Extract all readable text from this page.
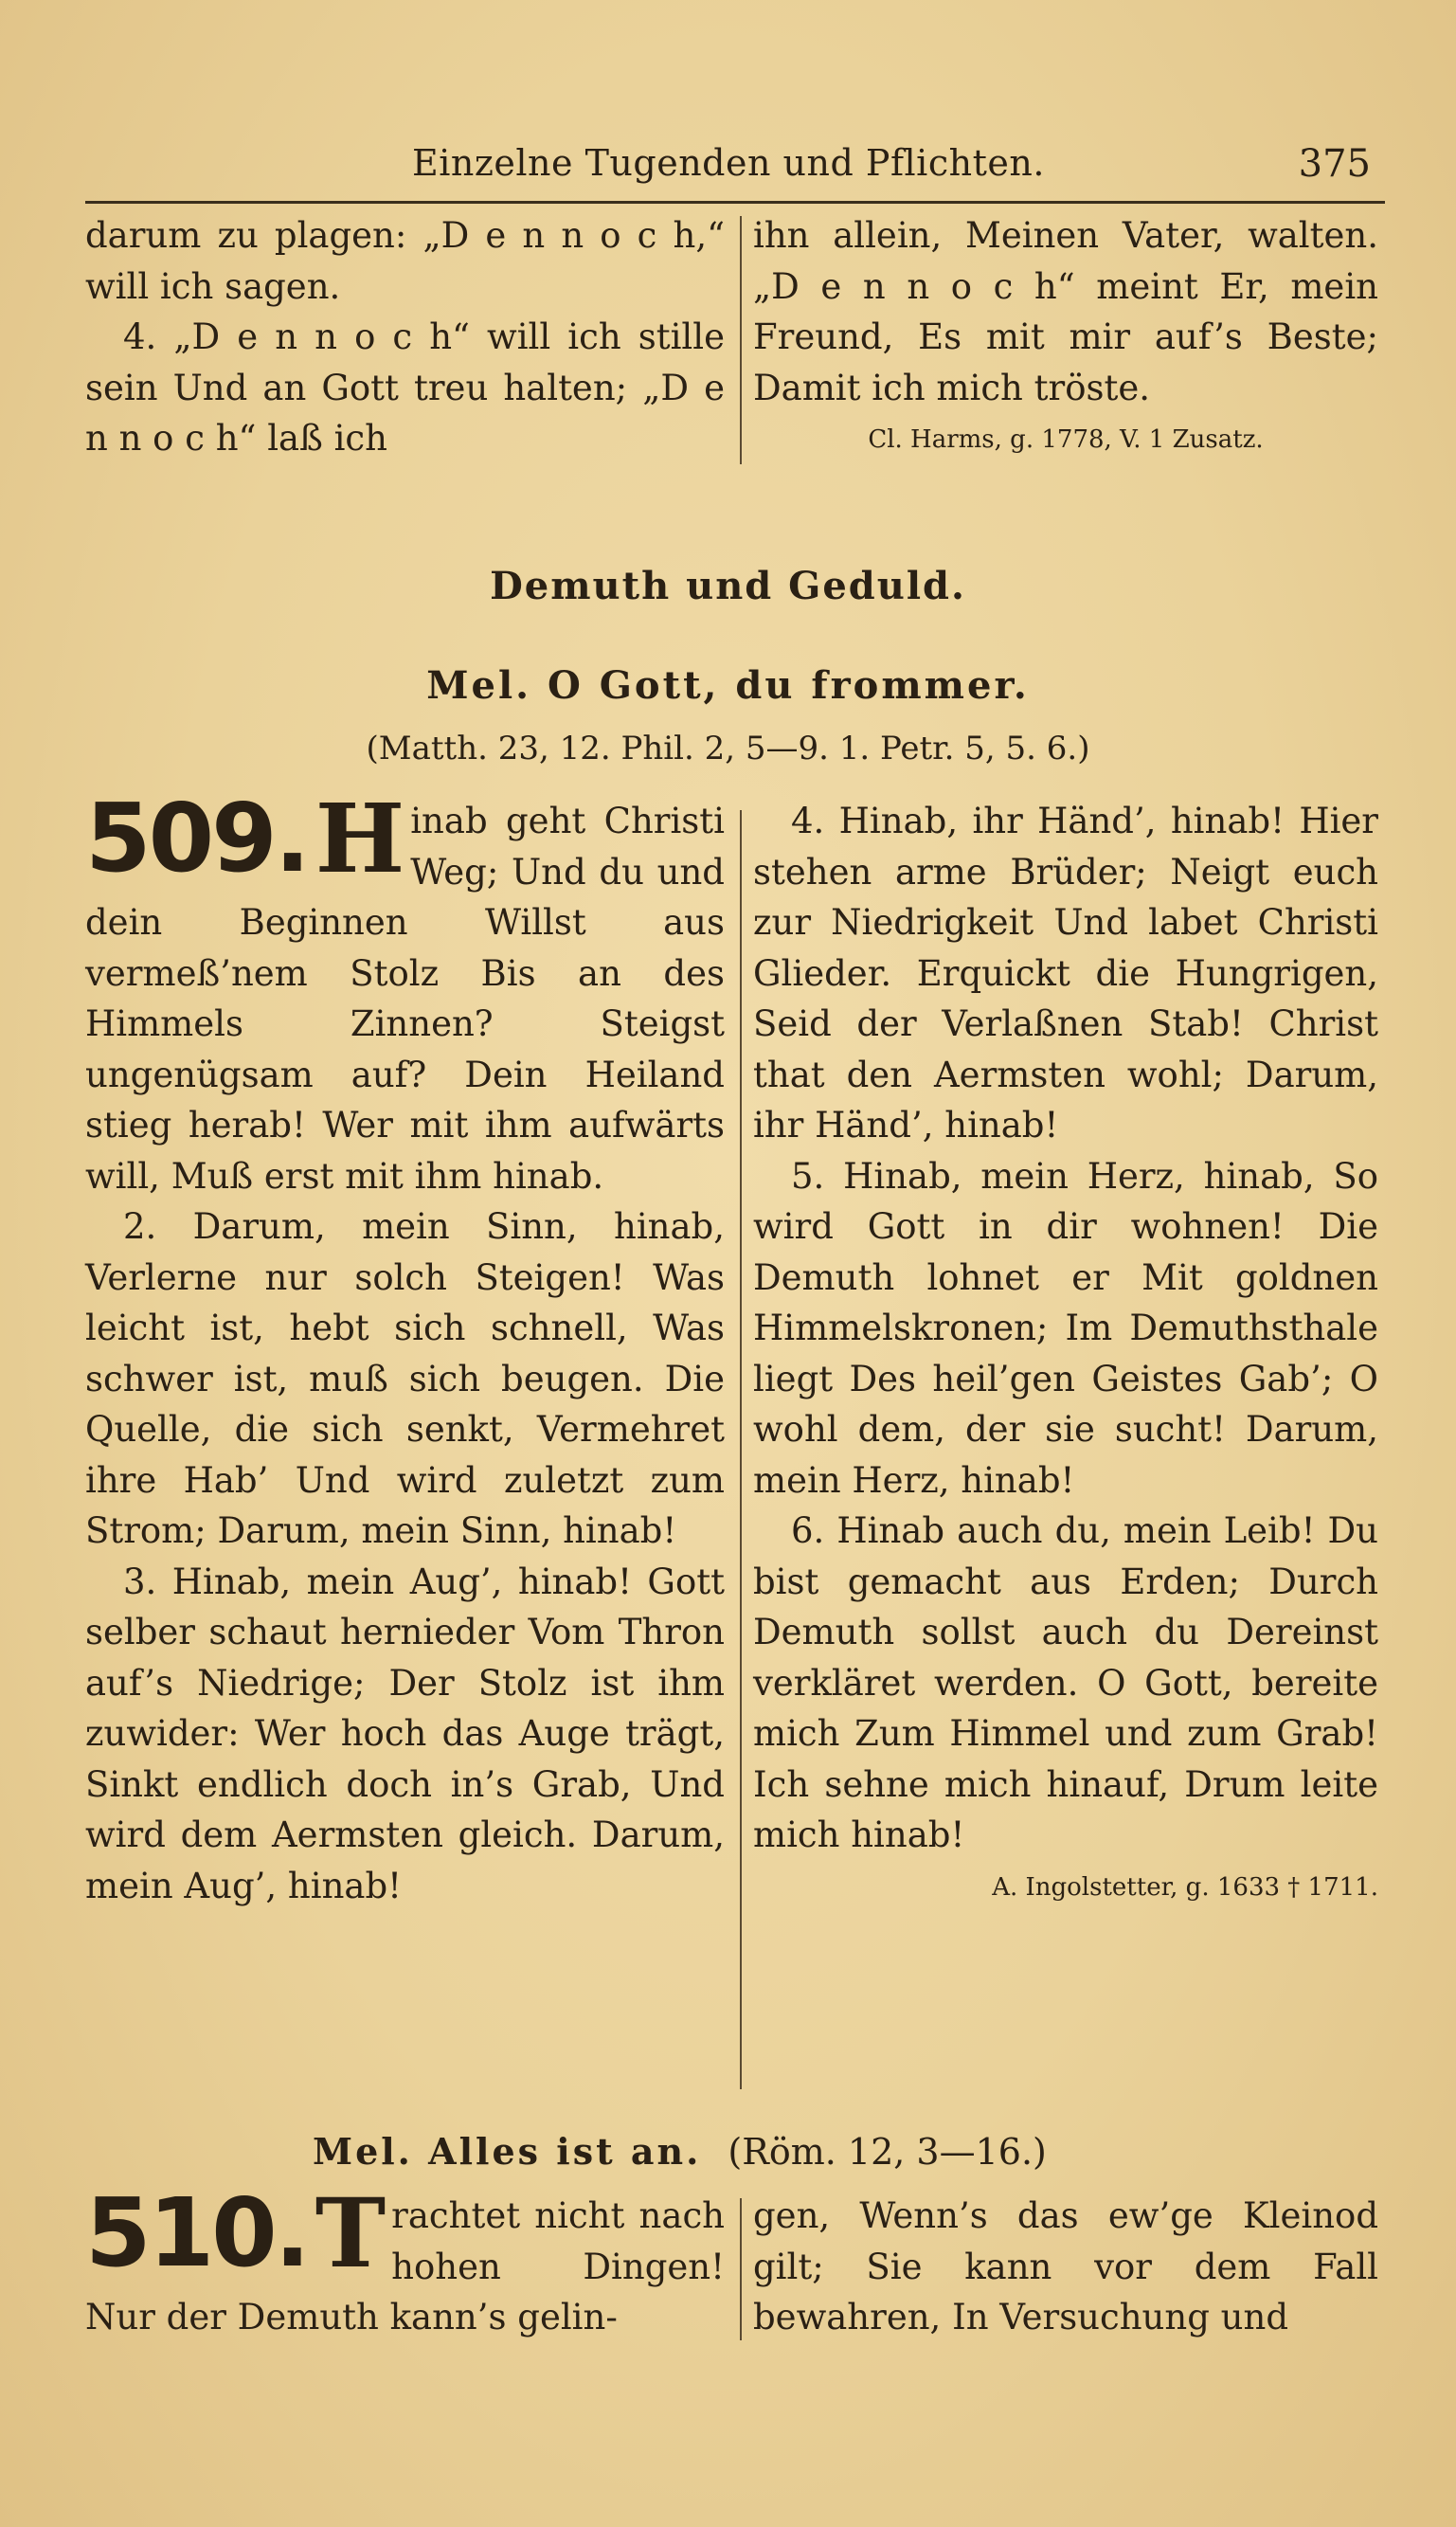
Einzelne Tugenden und Pflichten.	375

darum zu plagen: „D e n n o c h,“ will ich sagen.

4. „D e n n o c h“ will ich stille sein Und an Gott treu halten; „D e n n o c h“ laß ich

ihn allein, Meinen Vater, walten. „D e n n o c h“ meint Er, mein Freund, Es mit mir auf’s Beste; Damit ich mich tröste.

Cl. Harms, g. 1778, V. 1 Zusatz.
Demuth und Geduld.
Mel. O Gott, du frommer.
(Matth. 23, 12. Phil. 2, 5—9. 1. Petr. 5, 5. 6.)

509. H inab geht Christi Weg; Und du und dein Beginnen Willst aus vermeß’nem Stolz Bis an des Himmels Zinnen? Steigst ungenügsam auf? Dein Heiland stieg herab! Wer mit ihm aufwärts will, Muß erst mit ihm hinab.

2. Darum, mein Sinn, hinab, Verlerne nur solch Steigen! Was leicht ist, hebt sich schnell, Was schwer ist, muß sich beugen. Die Quelle, die sich senkt, Vermehret ihre Hab’ Und wird zuletzt zum Strom; Darum, mein Sinn, hinab!

3. Hinab, mein Aug’, hinab! Gott selber schaut hernieder Vom Thron auf’s Niedrige; Der Stolz ist ihm zuwider: Wer hoch das Auge trägt, Sinkt endlich doch in’s Grab, Und wird dem Aermsten gleich. Darum, mein Aug’, hinab!

4. Hinab, ihr Händ’, hinab! Hier stehen arme Brüder; Neigt euch zur Niedrigkeit Und labet Christi Glieder. Erquickt die Hungrigen, Seid der Verlaßnen Stab! Christ that den Aermsten wohl; Darum, ihr Händ’, hinab!

5. Hinab, mein Herz, hinab, So wird Gott in dir wohnen! Die Demuth lohnet er Mit goldnen Himmelskronen; Im Demuthsthale liegt Des heil’gen Geistes Gab’; O wohl dem, der sie sucht! Darum, mein Herz, hinab!

6. Hinab auch du, mein Leib! Du bist gemacht aus Erden; Durch Demuth sollst auch du Dereinst verkläret werden. O Gott, bereite mich Zum Himmel und zum Grab! Ich sehne mich hinauf, Drum leite mich hinab!

A. Ingolstetter, g. 1633 † 1711.
Mel. Alles ist an. (Röm. 12, 3—16.)

510. T rachtet nicht nach hohen Dingen! Nur der Demuth kann’s gelin-

gen, Wenn’s das ew’ge Kleinod gilt; Sie kann vor dem Fall bewahren, In Versuchung und
